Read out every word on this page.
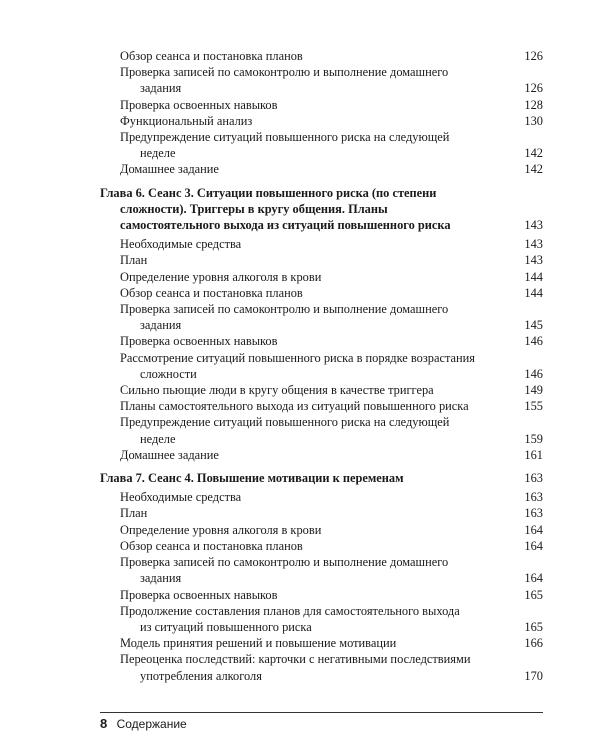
Обзор сеанса и постановка планов	126
Проверка записей по самоконтролю и выполнение домашнего
задания	126
Проверка освоенных навыков	128
Функциональный анализ	130
Предупреждение ситуаций повышенного риска на следующей
неделе	142
Домашнее задание	142
Глава 6. Сеанс 3. Ситуации повышенного риска (по степени
сложности). Триггеры в кругу общения. Планы
самостоятельного выхода из ситуаций повышенного риска	143
Необходимые средства	143
План	143
Определение уровня алкоголя в крови	144
Обзор сеанса и постановка планов	144
Проверка записей по самоконтролю и выполнение домашнего
задания	145
Проверка освоенных навыков	146
Рассмотрение ситуаций повышенного риска в порядке возрастания
сложности	146
Сильно пьющие люди в кругу общения в качестве триггера	149
Планы самостоятельного выхода из ситуаций повышенного риска	155
Предупреждение ситуаций повышенного риска на следующей
неделе	159
Домашнее задание	161
Глава 7. Сеанс 4. Повышение мотивации к переменам	163
Необходимые средства	163
План	163
Определение уровня алкоголя в крови	164
Обзор сеанса и постановка планов	164
Проверка записей по самоконтролю и выполнение домашнего
задания	164
Проверка освоенных навыков	165
Продолжение составления планов для самостоятельного выхода
из ситуаций повышенного риска	165
Модель принятия решений и повышение мотивации	166
Переоценка последствий: карточки с негативными последствиями
употребления алкоголя	170
8 Содержание
